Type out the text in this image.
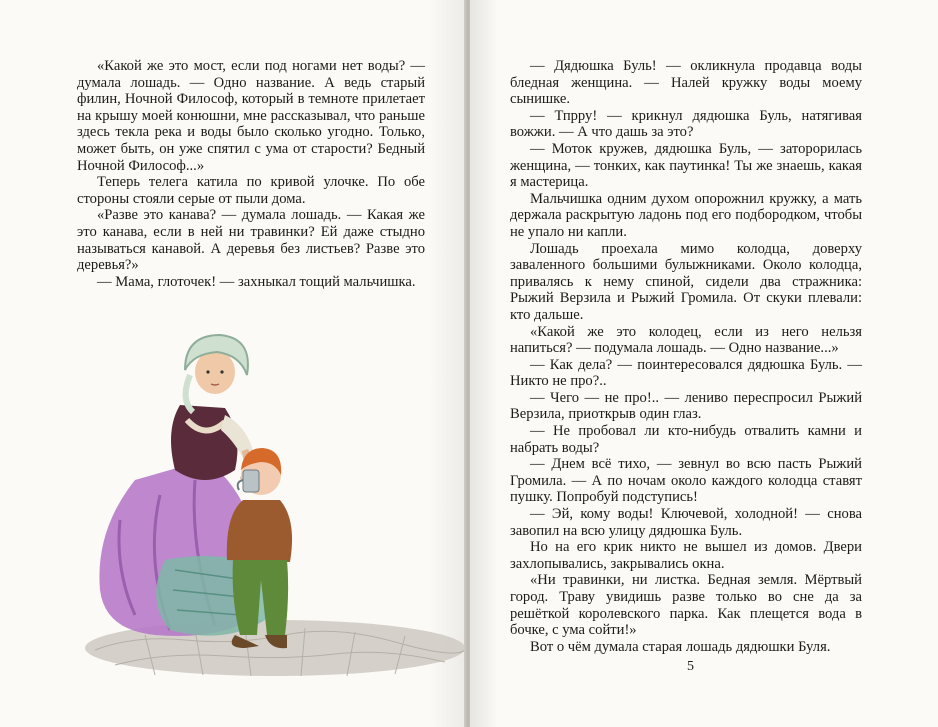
«Какой же это мост, если под ногами нет воды? — думала лошадь. — Одно название. А ведь старый филин, Ночной Философ, который в темноте прилетает на крышу моей конюшни, мне рассказывал, что раньше здесь текла река и воды было сколько угодно. Только, может быть, он уже спятил с ума от старости? Бедный Ночной Философ...»

Теперь телега катила по кривой улочке. По обе стороны стояли серые от пыли дома.

«Разве это канава? — думала лошадь. — Какая же это канава, если в ней ни травинки? Ей даже стыдно называться канавой. А деревья без листьев? Разве это деревья?»

— Мама, глоточек! — захныкал тощий мальчишка.

— Дядюшка Буль! — окликнула продавца воды бледная женщина. — Налей кружку воды моему сынишке.

— Тпрру! — крикнул дядюшка Буль, натягивая вожжи. — А что дашь за это?

— Моток кружев, дядюшка Буль, — затороpилась женщина, — тонких, как паутинка! Ты же знаешь, какая я мастерица.

Мальчишка одним духом опорожнил кружку, а мать держала раскрытую ладонь под его подбородком, чтобы не упало ни капли.

Лошадь проехала мимо колодца, доверху заваленного большими булыжниками. Около колодца, привалясь к нему спиной, сидели два стражника: Рыжий Верзила и Рыжий Громила. От скуки плевали: кто дальше.

«Какой же это колодец, если из него нельзя напиться? — подумала лошадь. — Одно название...»

— Как дела? — поинтересовался дядюшка Буль. — Никто не про?..

— Чего — не про!.. — лениво переспросил Рыжий Верзила, приоткрыв один глаз.

— Не пробовал ли кто-нибудь отвалить камни и набрать воды?

— Днем всё тихо, — зевнул во всю пасть Рыжий Громила. — А по ночам около каждого колодца ставят пушку. Попробуй подступись!

— Эй, кому воды! Ключевой, холодной! — снова завопил на всю улицу дядюшка Буль.

Но на его крик никто не вышел из домов. Двери захлопывались, закрывались окна.

«Ни травинки, ни листка. Бедная земля. Мёртвый город. Траву увидишь разве только во сне да за решёткой королевского парка. Как плещется вода в бочке, с ума сойти!»

Вот о чём думала старая лошадь дядюшки Буля.

5
